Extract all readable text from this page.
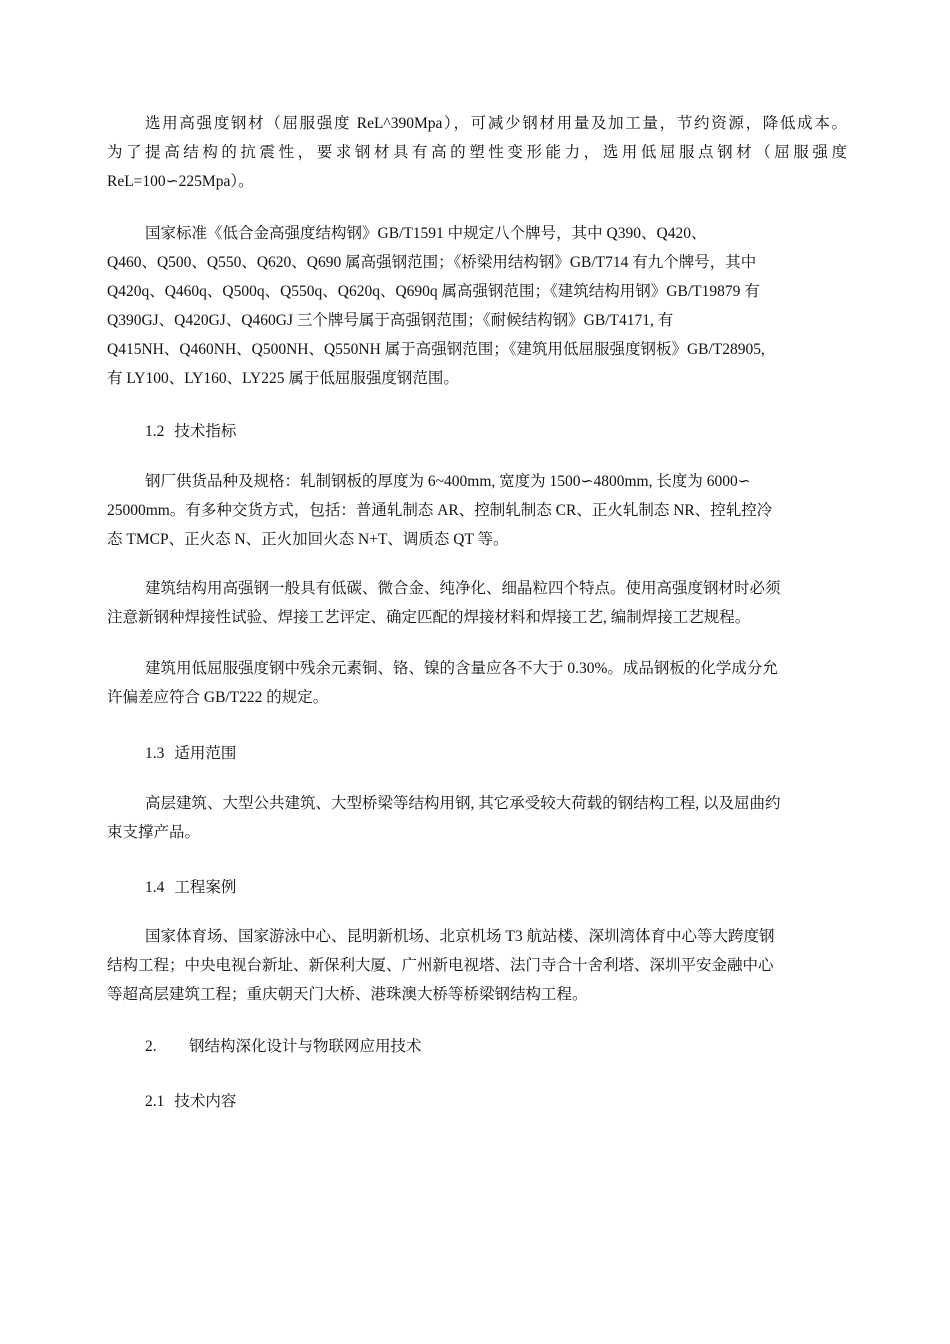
选用高强度钢材（屈服强度 ReL^390Mpa），可减少钢材用量及加工量，节约资源，降低成本。
为了提高结构的抗震性，要求钢材具有高的塑性变形能力，选用低屈服点钢材（屈服强度
ReL=100∽225Mpa）。
国家标准《低合金高强度结构钢》GB/T1591 中规定八个牌号，其中 Q390、Q420、
Q460、Q500、Q550、Q620、Q690 属高强钢范围；《桥梁用结构钢》GB/T714 有九个牌号，其中
Q420q、Q460q、Q500q、Q550q、Q620q、Q690q 属高强钢范围；《建筑结构用钢》GB/T19879 有
Q390GJ、Q420GJ、Q460GJ 三个牌号属于高强钢范围；《耐候结构钢》GB/T4171, 有
Q415NH、Q460NH、Q500NH、Q550NH 属于高强钢范围；《建筑用低屈服强度钢板》GB/T28905,
有 LY100、LY160、LY225 属于低屈服强度钢范围。
1.2 技术指标
钢厂供货品种及规格：轧制钢板的厚度为 6~400mm, 宽度为 1500∽4800mm, 长度为 6000∽
25000mm。有多种交货方式，包括：普通轧制态 AR、控制轧制态 CR、正火轧制态 NR、控轧控冷
态 TMCP、正火态 N、正火加回火态 N+T、调质态 QT 等。
建筑结构用高强钢一般具有低碳、微合金、纯净化、细晶粒四个特点。使用高强度钢材时必须
注意新钢种焊接性试验、焊接工艺评定、确定匹配的焊接材料和焊接工艺, 编制焊接工艺规程。
建筑用低屈服强度钢中残余元素铜、铬、镍的含量应各不大于 0.30%。成品钢板的化学成分允
许偏差应符合 GB/T222 的规定。
1.3 适用范围
高层建筑、大型公共建筑、大型桥梁等结构用钢, 其它承受较大荷载的钢结构工程, 以及屈曲约
束支撑产品。
1.4 工程案例
国家体育场、国家游泳中心、昆明新机场、北京机场 T3 航站楼、深圳湾体育中心等大跨度钢
结构工程；中央电视台新址、新保利大厦、广州新电视塔、法门寺合十舍利塔、深圳平安金融中心
等超高层建筑工程；重庆朝天门大桥、港珠澳大桥等桥梁钢结构工程。
2. 钢结构深化设计与物联网应用技术
2.1 技术内容
